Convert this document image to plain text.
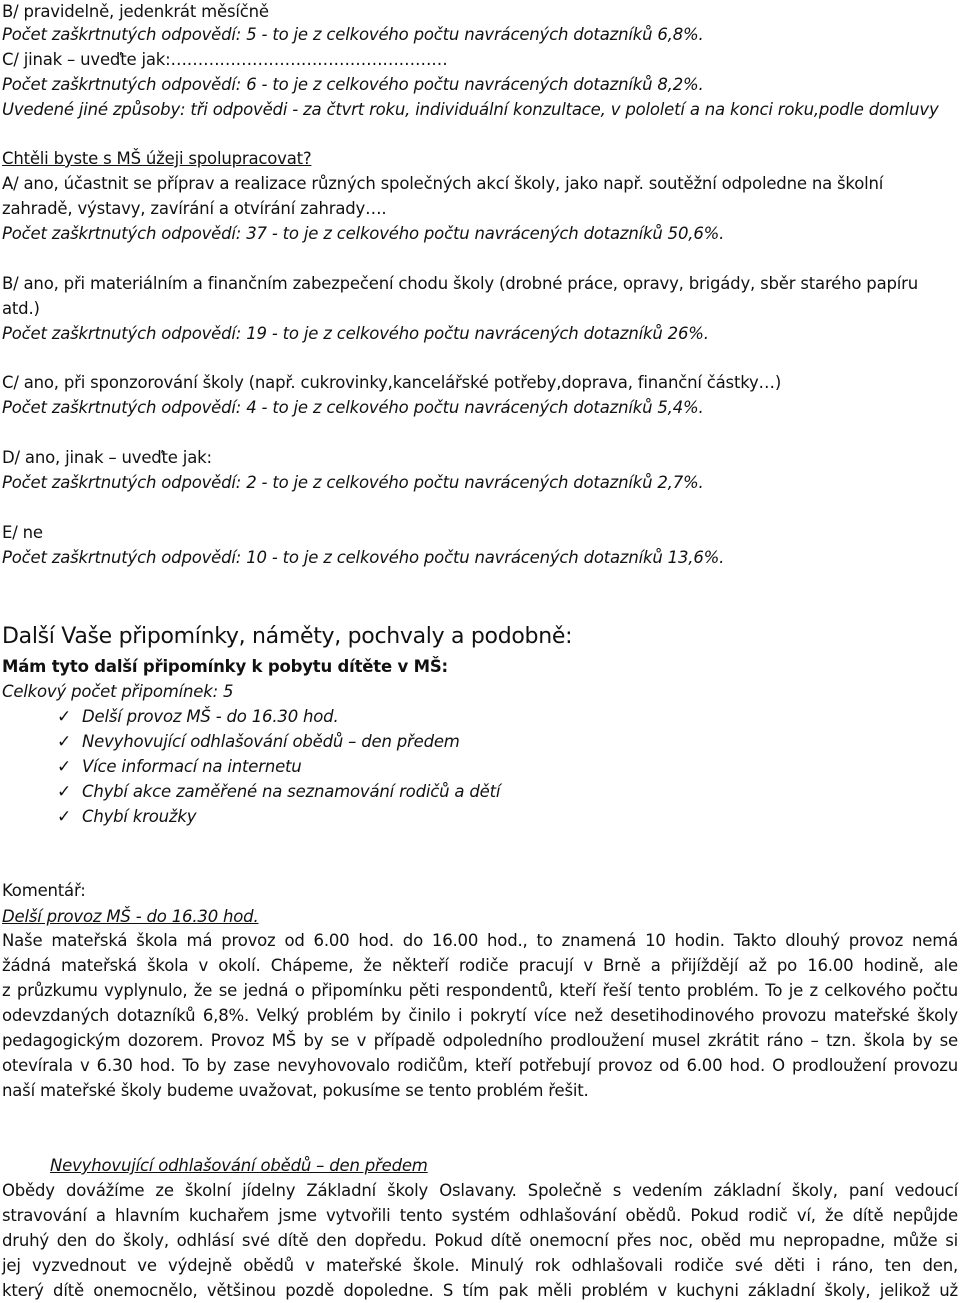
B/ pravidelně, jedenkrát měsíčně
Počet zaškrtnutých odpovědí: 5 - to je z celkového počtu navrácených dotazníků 6,8%.
C/ jinak – uveďte jak:……………………………………………
Počet zaškrtnutých odpovědí: 6 - to je z celkového počtu navrácených dotazníků 8,2%.
Uvedené jiné způsoby: tři odpovědi - za čtvrt roku, individuální konzultace, v pololetí a na konci roku,podle domluvy
Chtěli byste s MŠ úžeji spolupracovat?
A/ ano, účastnit se příprav a realizace různých společných akcí školy, jako např. soutěžní odpoledne na školní
zahradě, výstavy, zavírání a otvírání zahrady….
Počet zaškrtnutých odpovědí: 37 - to je z celkového počtu navrácených dotazníků 50,6%.
B/ ano, při materiálním a finančním zabezpečení chodu školy (drobné práce, opravy, brigády, sběr starého papíru
atd.)
Počet zaškrtnutých odpovědí: 19 - to je z celkového počtu navrácených dotazníků 26%.
C/ ano, při sponzorování školy (např. cukrovinky,kancelářské potřeby,doprava, finanční částky…)
Počet zaškrtnutých odpovědí: 4 - to je z celkového počtu navrácených dotazníků 5,4%.
D/ ano, jinak – uveďte jak:
Počet zaškrtnutých odpovědí: 2 - to je z celkového počtu navrácených dotazníků 2,7%.
E/ ne
Počet zaškrtnutých odpovědí: 10 - to je z celkového počtu navrácených dotazníků 13,6%.
Další Vaše připomínky, náměty, pochvaly a podobně:
Mám tyto další připomínky k pobytu dítěte v MŠ:
Celkový počet připomínek: 5
✓ Delší provoz MŠ - do 16.30 hod.
✓ Nevyhovující odhlašování obědů – den předem
✓ Více informací na internetu
✓ Chybí akce zaměřené na seznamování rodičů a dětí
✓ Chybí kroužky
Komentář:
Delší provoz MŠ - do 16.30 hod.
Naše mateřská škola má provoz od 6.00 hod. do 16.00 hod., to znamená 10 hodin. Takto dlouhý provoz nemá
žádná mateřská škola v okolí. Chápeme, že někteří rodiče pracují v Brně a přijíždějí až po 16.00 hodině, ale
z průzkumu vyplynulo, že se jedná o připomínku pěti respondentů, kteří řeší tento problém. To je z celkového počtu
odevzdaných dotazníků 6,8%. Velký problém by činilo i pokrytí více než desetihodinového provozu mateřské školy
pedagogickým dozorem. Provoz MŠ by se v případě odpoledního prodloužení musel zkrátit ráno – tzn. škola by se
otevírala v 6.30 hod. To by zase nevyhovovalo rodičům, kteří potřebují provoz od 6.00 hod. O prodloužení provozu
naší mateřské školy budeme uvažovat, pokusíme se tento problém řešit.
Nevyhovující odhlašování obědů – den předem
Obědy dovážíme ze školní jídelny Základní školy Oslavany. Společně s vedením základní školy, paní vedoucí
stravování a hlavním kuchařem jsme vytvořili tento systém odhlašování obědů. Pokud rodič ví, že dítě nepůjde
druhý den do školy, odhlásí své dítě den dopředu. Pokud dítě onemocní přes noc, oběd mu nepropadne, může si
jej vyzvednout ve výdejně obědů v mateřské škole. Minulý rok odhlašovali rodiče své děti i ráno, ten den,
který dítě onemocnělo, většinou pozdě dopoledne. S tím pak měli problém v kuchyni základní školy, jelikož už
